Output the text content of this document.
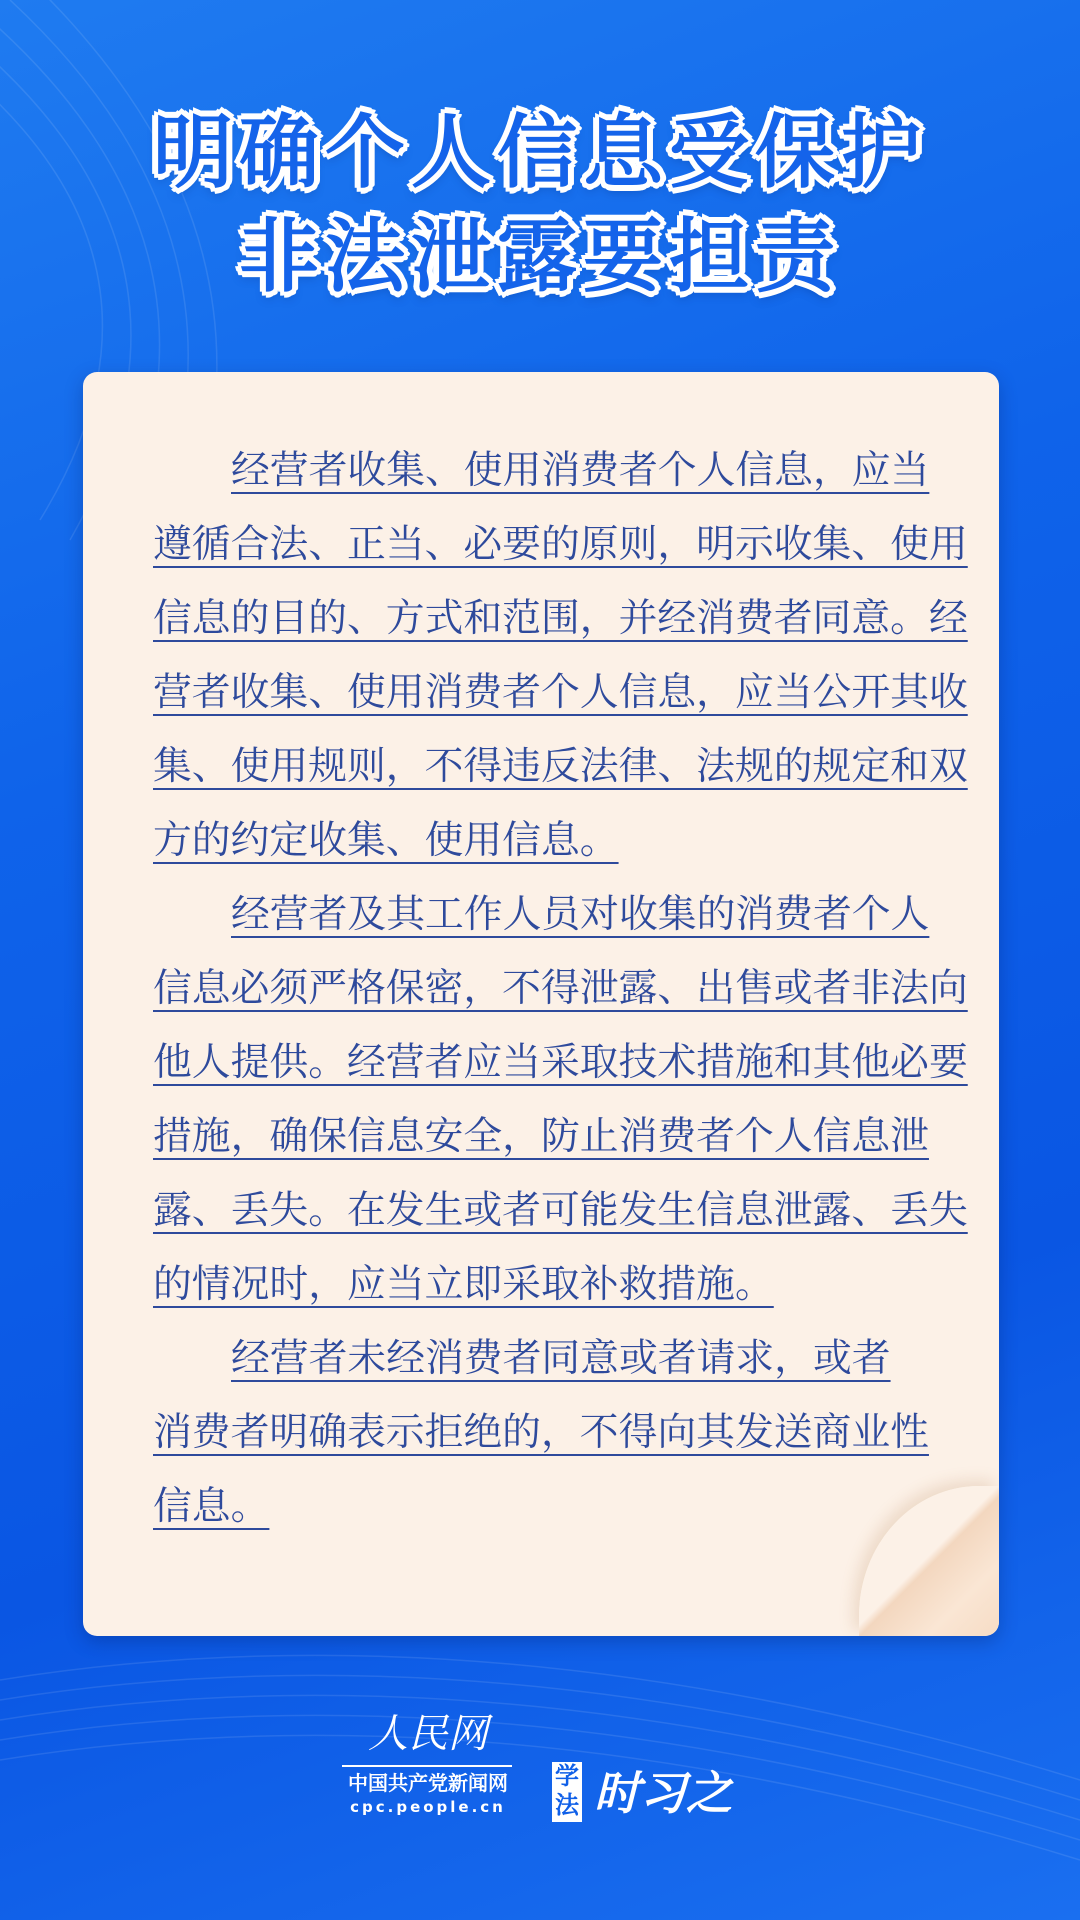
明确个人信息受保护
非法泄露要担责
经营者收集、使用消费者个人信息，应当
遵循合法、正当、必要的原则，明示收集、使用
信息的目的、方式和范围，并经消费者同意。经
营者收集、使用消费者个人信息，应当公开其收
集、使用规则，不得违反法律、法规的规定和双
方的约定收集、使用信息。
经营者及其工作人员对收集的消费者个人
信息必须严格保密，不得泄露、出售或者非法向
他人提供。经营者应当采取技术措施和其他必要
措施，确保信息安全，防止消费者个人信息泄
露、丢失。在发生或者可能发生信息泄露、丢失
的情况时，应当立即采取补救措施。
经营者未经消费者同意或者请求，或者
消费者明确表示拒绝的，不得向其发送商业性
信息。
人民网
中国共产党新闻网
cpc.people.cn
学法 时习之
